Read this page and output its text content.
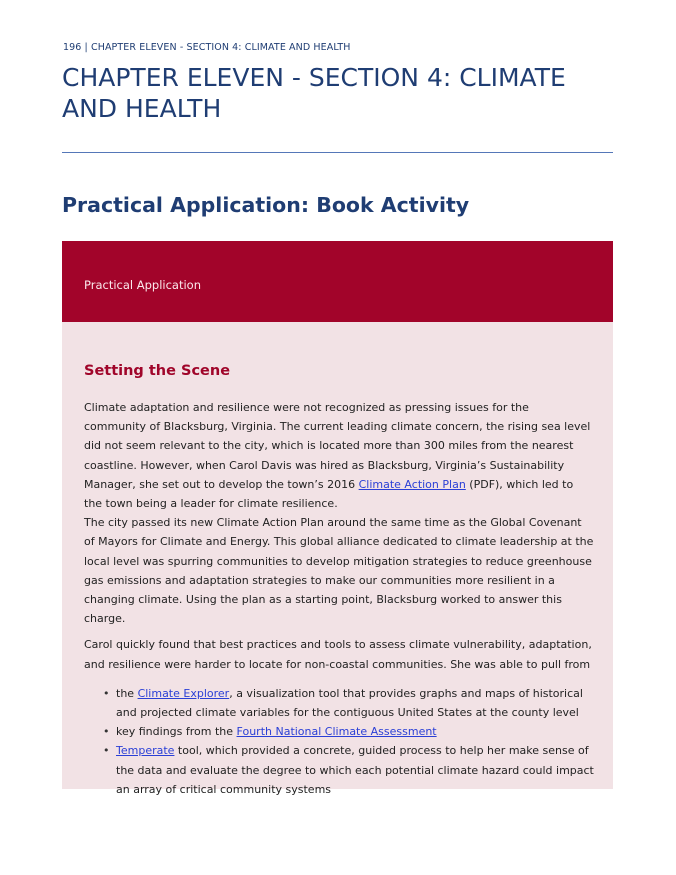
196 | CHAPTER ELEVEN - SECTION 4: CLIMATE AND HEALTH
CHAPTER ELEVEN - SECTION 4: CLIMATE AND HEALTH
Practical Application: Book Activity
Practical Application
Setting the Scene

Climate adaptation and resilience were not recognized as pressing issues for the community of Blacksburg, Virginia. The current leading climate concern, the rising sea level did not seem relevant to the city, which is located more than 300 miles from the nearest coastline. However, when Carol Davis was hired as Blacksburg, Virginia’s Sustainability Manager, she set out to develop the town’s 2016 Climate Action Plan (PDF), which led to the town being a leader for climate resilience.

The city passed its new Climate Action Plan around the same time as the Global Covenant of Mayors for Climate and Energy. This global alliance dedicated to climate leadership at the local level was spurring communities to develop mitigation strategies to reduce greenhouse gas emissions and adaptation strategies to make our communities more resilient in a changing climate. Using the plan as a starting point, Blacksburg worked to answer this charge.

Carol quickly found that best practices and tools to assess climate vulnerability, adaptation, and resilience were harder to locate for non-coastal communities. She was able to pull from

• the Climate Explorer, a visualization tool that provides graphs and maps of historical and projected climate variables for the contiguous United States at the county level
• key findings from the Fourth National Climate Assessment
• Temperate tool, which provided a concrete, guided process to help her make sense of the data and evaluate the degree to which each potential climate hazard could impact an array of critical community systems
